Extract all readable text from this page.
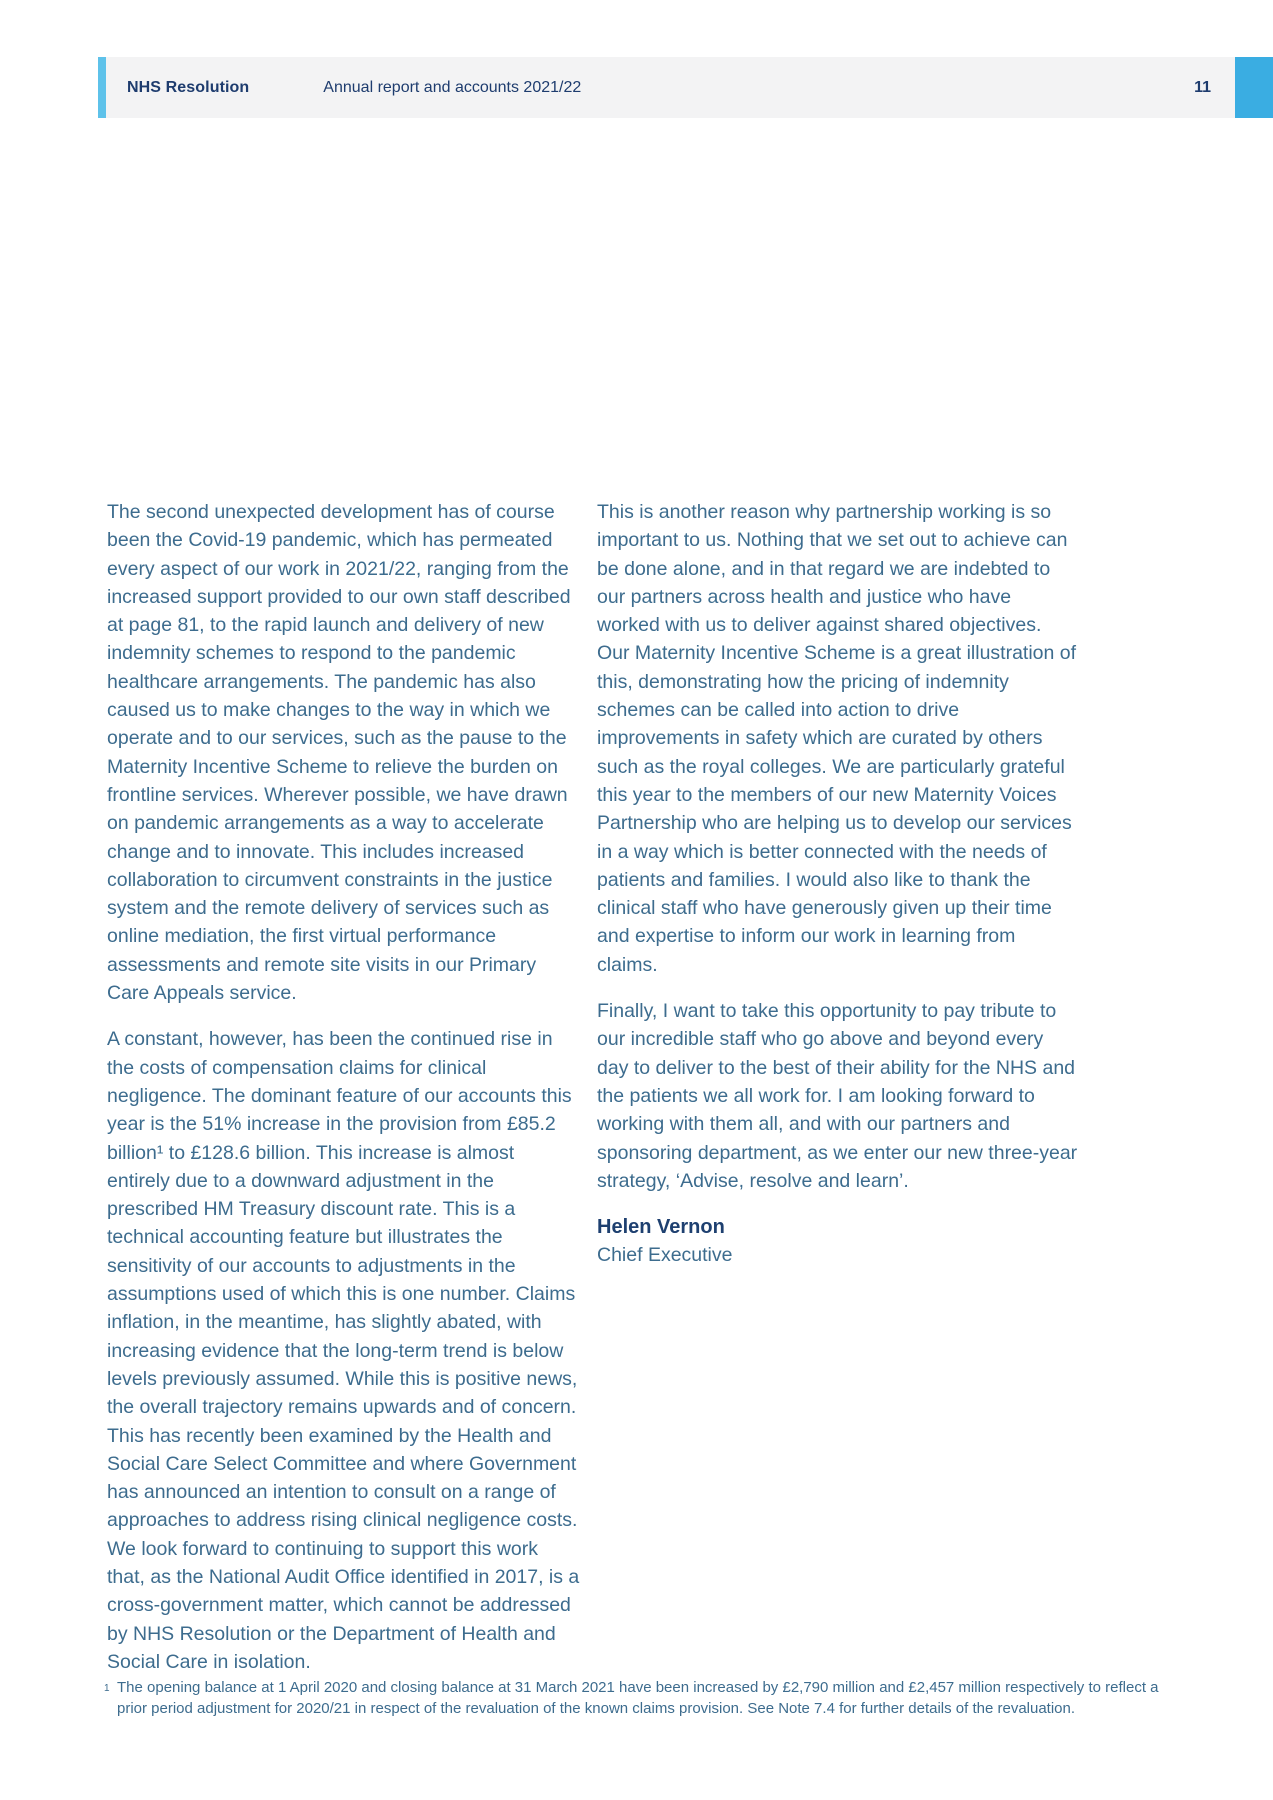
NHS Resolution	Annual report and accounts 2021/22	11

The second unexpected development has of course been the Covid-19 pandemic, which has permeated every aspect of our work in 2021/22, ranging from the increased support provided to our own staff described at page 81, to the rapid launch and delivery of new indemnity schemes to respond to the pandemic healthcare arrangements. The pandemic has also caused us to make changes to the way in which we operate and to our services, such as the pause to the Maternity Incentive Scheme to relieve the burden on frontline services. Wherever possible, we have drawn on pandemic arrangements as a way to accelerate change and to innovate. This includes increased collaboration to circumvent constraints in the justice system and the remote delivery of services such as online mediation, the first virtual performance assessments and remote site visits in our Primary Care Appeals service.

A constant, however, has been the continued rise in the costs of compensation claims for clinical negligence. The dominant feature of our accounts this year is the 51% increase in the provision from £85.2 billion¹ to £128.6 billion. This increase is almost entirely due to a downward adjustment in the prescribed HM Treasury discount rate. This is a technical accounting feature but illustrates the sensitivity of our accounts to adjustments in the assumptions used of which this is one number. Claims inflation, in the meantime, has slightly abated, with increasing evidence that the long-term trend is below levels previously assumed. While this is positive news, the overall trajectory remains upwards and of concern. This has recently been examined by the Health and Social Care Select Committee and where Government has announced an intention to consult on a range of approaches to address rising clinical negligence costs. We look forward to continuing to support this work that, as the National Audit Office identified in 2017, is a cross-government matter, which cannot be addressed by NHS Resolution or the Department of Health and Social Care in isolation.

This is another reason why partnership working is so important to us. Nothing that we set out to achieve can be done alone, and in that regard we are indebted to our partners across health and justice who have worked with us to deliver against shared objectives. Our Maternity Incentive Scheme is a great illustration of this, demonstrating how the pricing of indemnity schemes can be called into action to drive improvements in safety which are curated by others such as the royal colleges. We are particularly grateful this year to the members of our new Maternity Voices Partnership who are helping us to develop our services in a way which is better connected with the needs of patients and families. I would also like to thank the clinical staff who have generously given up their time and expertise to inform our work in learning from claims.

Finally, I want to take this opportunity to pay tribute to our incredible staff who go above and beyond every day to deliver to the best of their ability for the NHS and the patients we all work for. I am looking forward to working with them all, and with our partners and sponsoring department, as we enter our new three-year strategy, ‘Advise, resolve and learn’.

Helen Vernon
Chief Executive
1 The opening balance at 1 April 2020 and closing balance at 31 March 2021 have been increased by £2,790 million and £2,457 million respectively to reflect a prior period adjustment for 2020/21 in respect of the revaluation of the known claims provision. See Note 7.4 for further details of the revaluation.
